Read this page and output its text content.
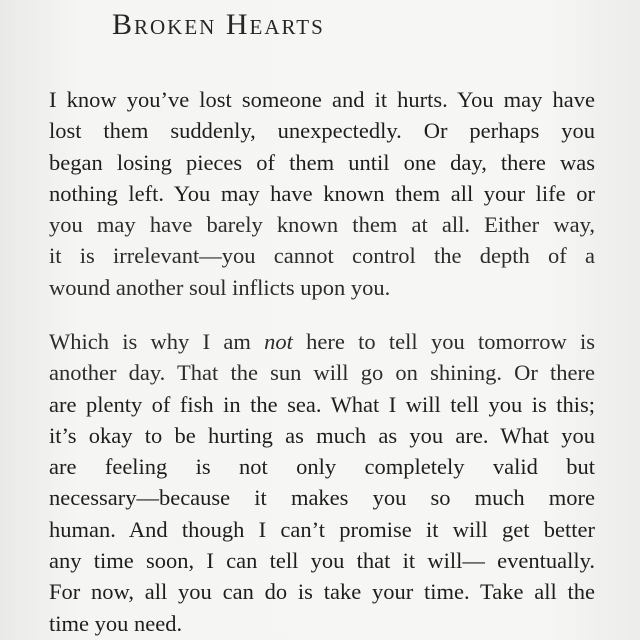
Broken Hearts
I know you’ve lost someone and it hurts. You may have
lost them suddenly, unexpectedly. Or perhaps you
began losing pieces of them until one day, there was
nothing left. You may have known them all your life or
you may have barely known them at all. Either way,
it is irrelevant—you cannot control the depth of a
wound another soul inflicts upon you.
Which is why I am not here to tell you tomorrow is
another day. That the sun will go on shining. Or there
are plenty of fish in the sea. What I will tell you is this;
it’s okay to be hurting as much as you are. What you
are feeling is not only completely valid but
necessary—because it makes you so much more
human. And though I can’t promise it will get better
any time soon, I can tell you that it will— eventually.
For now, all you can do is take your time. Take all the
time you need.
